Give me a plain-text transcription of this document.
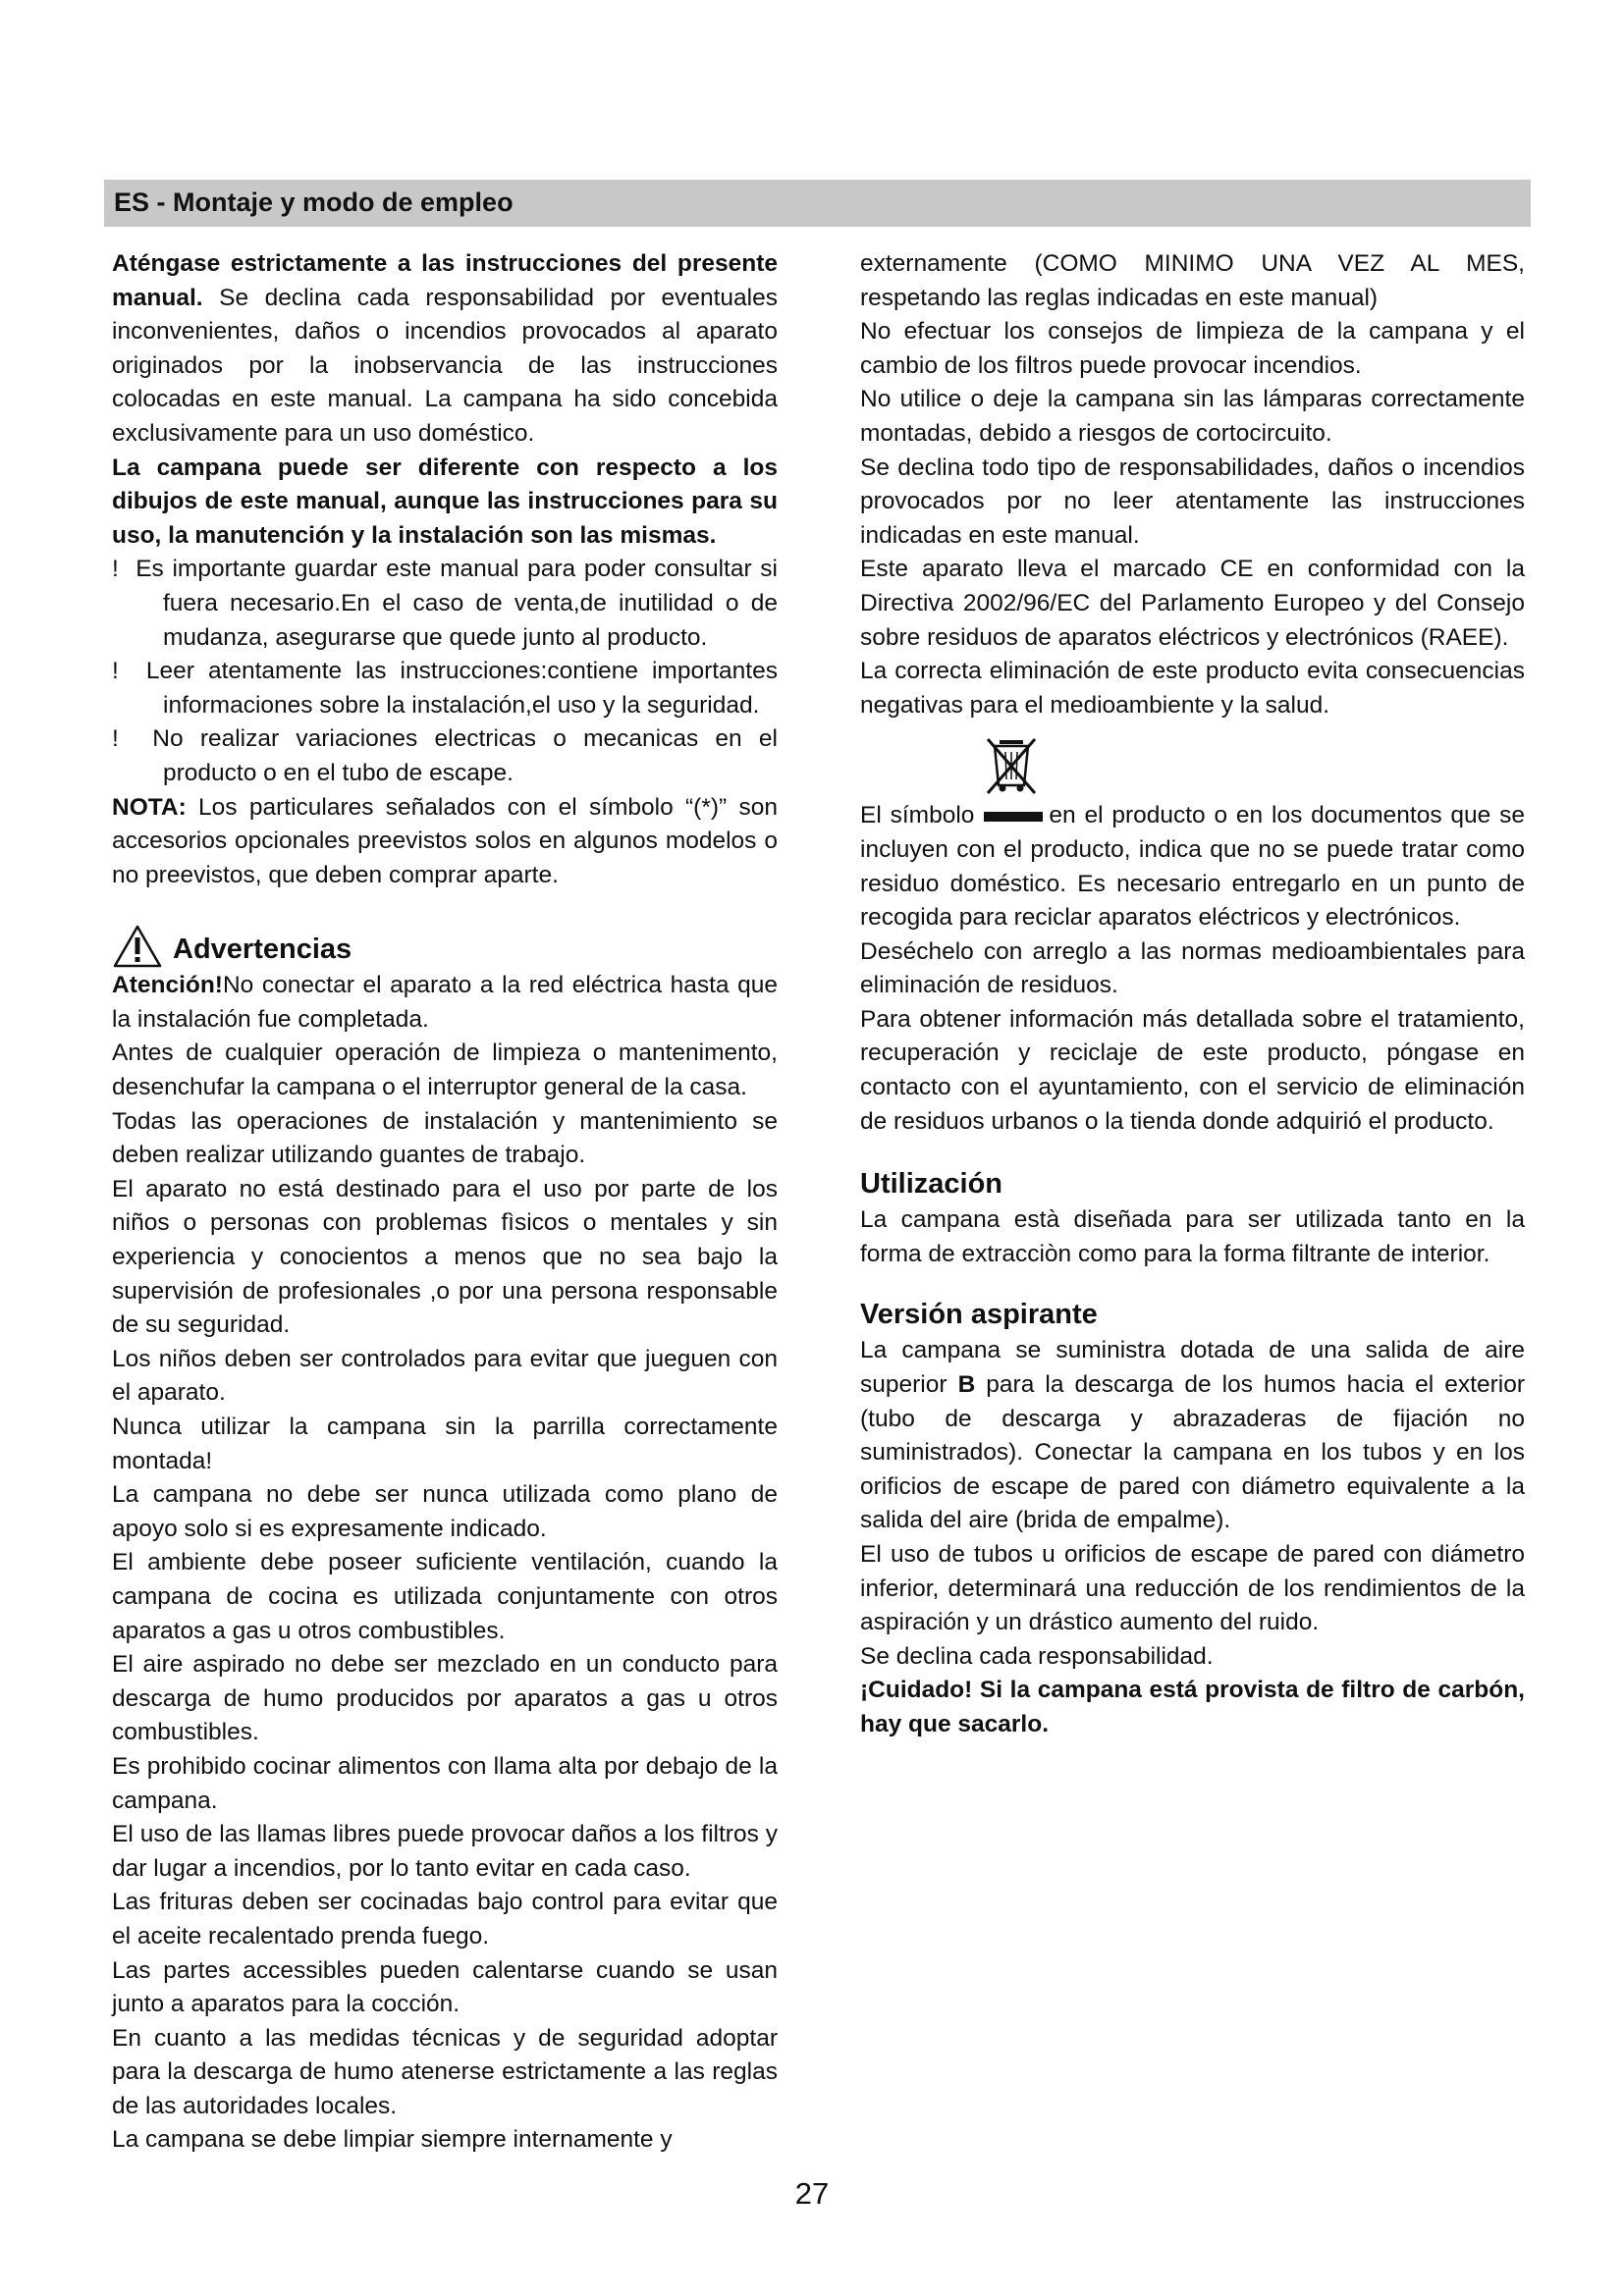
ES - Montaje y modo de empleo

Aténgase estrictamente a las instrucciones del presente manual. Se declina cada responsabilidad por eventuales inconvenientes, daños o incendios provocados al aparato originados por la inobservancia de las instrucciones colocadas en este manual. La campana ha sido concebida exclusivamente para un uso doméstico.

La campana puede ser diferente con respecto a los dibujos de este manual, aunque las instrucciones para su uso, la manutención y la instalación son las mismas.

! Es importante guardar este manual para poder consultar si fuera necesario.En el caso de venta,de inutilidad o de mudanza, asegurarse que quede junto al producto.

! Leer atentamente las instrucciones:contiene importantes informaciones sobre la instalación,el uso y la seguridad.

! No realizar variaciones electricas o mecanicas en el producto o en el tubo de escape.

NOTA: Los particulares señalados con el símbolo “(*)” son accesorios opcionales preevistos solos en algunos modelos o no preevistos, que deben comprar aparte.

Advertencias

Atención!No conectar el aparato a la red eléctrica hasta que la instalación fue completada.

Antes de cualquier operación de limpieza o mantenimento, desenchufar la campana o el interruptor general de la casa.

Todas las operaciones de instalación y mantenimiento se deben realizar utilizando guantes de trabajo.

El aparato no está destinado para el uso por parte de los niños o personas con problemas fìsicos o mentales y sin experiencia y conocientos a menos que no sea bajo la supervisión de profesionales ,o por una persona responsable de su seguridad.

Los niños deben ser controlados para evitar que jueguen con el aparato.

Nunca utilizar la campana sin la parrilla correctamente montada!

La campana no debe ser nunca utilizada como plano de apoyo solo si es expresamente indicado.

El ambiente debe poseer suficiente ventilación, cuando la campana de cocina es utilizada conjuntamente con otros aparatos a gas u otros combustibles.

El aire aspirado no debe ser mezclado en un conducto para descarga de humo producidos por aparatos a gas u otros combustibles.

Es prohibido cocinar alimentos con llama alta por debajo de la campana.

El uso de las llamas libres puede provocar daños a los filtros y dar lugar a incendios, por lo tanto evitar en cada caso.

Las frituras deben ser cocinadas bajo control para evitar que el aceite recalentado prenda fuego.

Las partes accessibles pueden calentarse cuando se usan junto a aparatos para la cocción.

En cuanto a las medidas técnicas y de seguridad adoptar para la descarga de humo atenerse estrictamente a las reglas de las autoridades locales.

La campana se debe limpiar siempre internamente y

externamente (COMO MINIMO UNA VEZ AL MES, respetando las reglas indicadas en este manual)

No efectuar los consejos de limpieza de la campana y el cambio de los filtros puede provocar incendios.

No utilice o deje la campana sin las lámparas correctamente montadas, debido a riesgos de cortocircuito.

Se declina todo tipo de responsabilidades, daños o incendios provocados por no leer atentamente las instrucciones indicadas en este manual.

Este aparato lleva el marcado CE en conformidad con la Directiva 2002/96/EC del Parlamento Europeo y del Consejo sobre residuos de aparatos eléctricos y electrónicos (RAEE).

La correcta eliminación de este producto evita consecuencias negativas para el medioambiente y la salud.

El símbolo	en el producto o en los documentos que se incluyen con el producto, indica que no se puede tratar como residuo doméstico. Es necesario entregarlo en un punto de recogida para reciclar aparatos eléctricos y electrónicos.

Deséchelo con arreglo a las normas medioambientales para eliminación de residuos.

Para obtener información más detallada sobre el tratamiento, recuperación y reciclaje de este producto, póngase en contacto con el ayuntamiento, con el servicio de eliminación de residuos urbanos o la tienda donde adquirió el producto.

Utilización

La campana està diseñada para ser utilizada tanto en la forma de extracciòn como para la forma filtrante de interior.

Versión aspirante

La campana se suministra dotada de una salida de aire superior B para la descarga de los humos hacia el exterior (tubo de descarga y abrazaderas de fijación no suministrados). Conectar la campana en los tubos y en los orificios de escape de pared con diámetro equivalente a la salida del aire (brida de empalme).

El uso de tubos u orificios de escape de pared con diámetro inferior, determinará una reducción de los rendimientos de la aspiración y un drástico aumento del ruido.

Se declina cada responsabilidad.

¡Cuidado! Si la campana está provista de filtro de carbón, hay que sacarlo.

27
